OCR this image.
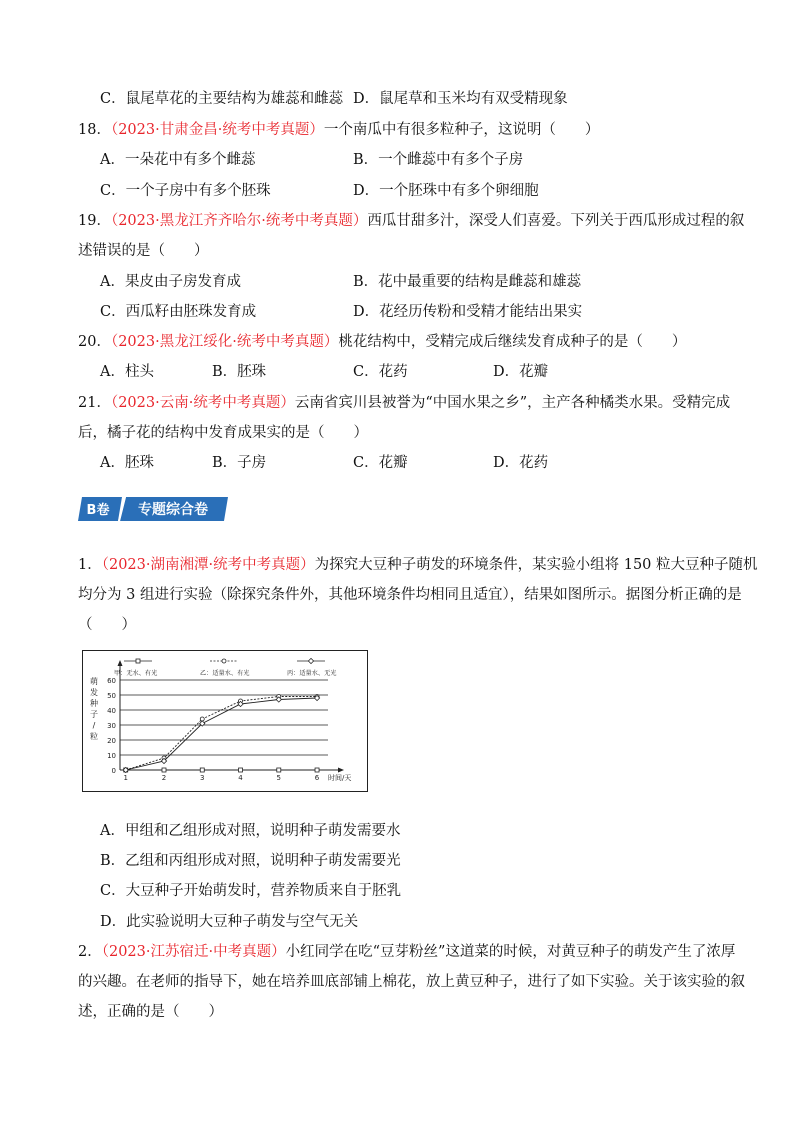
C．鼠尾草花的主要结构为雄蕊和雌蕊
18．（2023·甘肃金昌·统考中考真题）一个南瓜中有很多粒种子，这说明（　　）
A．一朵花中有多个雌蕊
C．一个子房中有多个胚珠
19．（2023·黑龙江齐齐哈尔·统考中考真题）西瓜甘甜多汁，深受人们喜爱。下列关于西瓜形成过程的叙
述错误的是（　　）
A．果皮由子房发育成
C．西瓜籽由胚珠发育成
20．（2023·黑龙江绥化·统考中考真题）桃花结构中，受精完成后继续发育成种子的是（　　）
A．柱头
21．（2023·云南·统考中考真题）云南省宾川县被誉为“中国水果之乡”，主产各种橘类水果。受精完成
后，橘子花的结构中发育成果实的是（　　）
A．胚珠
1．（2023·湖南湘潭·统考中考真题）为探究大豆种子萌发的环境条件，某实验小组将 150 粒大豆种子随机
均分为 3 组进行实验（除探究条件外，其他环境条件均相同且适宜），结果如图所示。据图分析正确的是
（　　）
A．甲组和乙组形成对照，说明种子萌发需要水
B．乙组和丙组形成对照，说明种子萌发需要光
C．大豆种子开始萌发时，营养物质来自于胚乳
D．此实验说明大豆种子萌发与空气无关
2．（2023·江苏宿迁·中考真题）小红同学在吃“豆芽粉丝”这道菜的时候，对黄豆种子的萌发产生了浓厚
的兴趣。在老师的指导下，她在培养皿底部铺上棉花，放上黄豆种子，进行了如下实验。关于该实验的叙
述，正确的是（　　）
D．鼠尾草和玉米均有双受精现象
B．一个雌蕊中有多个子房
D．一个胚珠中有多个卵细胞
B．花中最重要的结构是雌蕊和雄蕊
D．花经历传粉和受精才能结出果实
B．胚珠	C．花药	D．花瓣
B．子房	C．花瓣	D．花药
B卷 专题综合卷
0
10
20
30
40
50
60
1	2	3	4	5	6 时间/天
萌
发
种
子
/
粒
甲：无水、有光	乙：适量水、有光	丙：适量水、无光
